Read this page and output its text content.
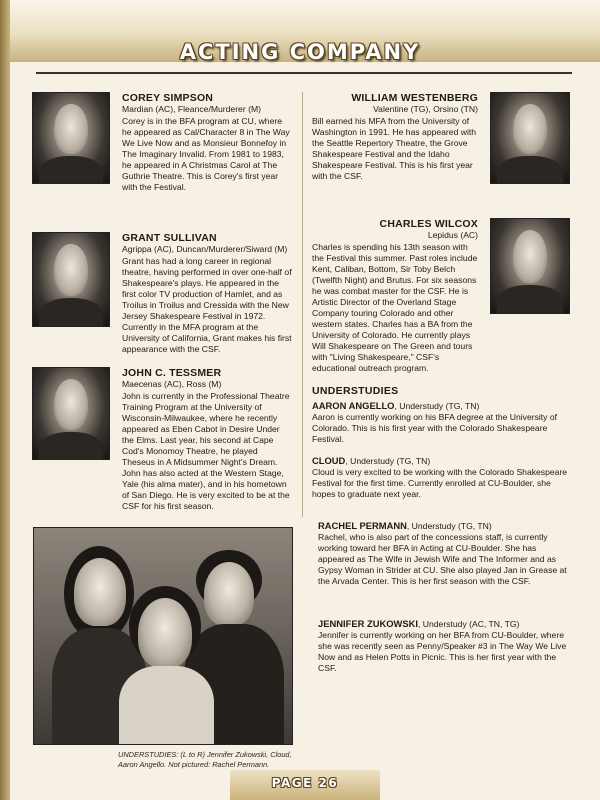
ACTING COMPANY
COREY SIMPSON
Mardian (AC), Fleance/Murderer (M)
Corey is in the BFA program at CU, where he appeared as Cal/Character 8 in The Way We Live Now and as Monsieur Bonnefoy in The Imaginary Invalid. From 1981 to 1983, he appeared in A Christmas Carol at The Guthrie Theatre. This is Corey's first year with the Festival.
GRANT SULLIVAN
Agrippa (AC), Duncan/Murderer/Siward (M)
Grant has had a long career in regional theatre, having performed in over one-half of Shakespeare's plays. He appeared in the first color TV production of Hamlet, and as Troilus in Troilus and Cressida with the New Jersey Shakespeare Festival in 1972. Currently in the MFA program at the University of California, Grant makes his first appearance with the CSF.
JOHN C. TESSMER
Maecenas (AC), Ross (M)
John is currently in the Professional Theatre Training Program at the University of Wisconsin-Milwaukee, where he recently appeared as Eben Cabot in Desire Under the Elms. Last year, his second at Cape Cod's Monomoy Theatre, he played Theseus in A Midsummer Night's Dream. John has also acted at the Western Stage, Yale (his alma mater), and in his hometown of San Diego. He is very excited to be at the CSF for his first season.
WILLIAM WESTENBERG
Valentine (TG), Orsino (TN)
Bill earned his MFA from the University of Washington in 1991. He has appeared with the Seattle Repertory Theatre, the Grove Shakespeare Festival and the Idaho Shakespeare Festival. This is his first year with the CSF.
CHARLES WILCOX
Lepidus (AC)
Charles is spending his 13th season with the Festival this summer. Past roles include Kent, Caliban, Bottom, Sir Toby Belch (Twelfth Night) and Brutus. For six seasons he was combat master for the CSF. He is Artistic Director of the Overland Stage Company touring Colorado and other western states. Charles has a BA from the University of Colorado. He currently plays Will Shakespeare on The Green and tours with "Living Shakespeare," CSF's educational outreach program.
UNDERSTUDIES
AARON ANGELLO, Understudy (TG, TN)
Aaron is currently working on his BFA degree at the University of Colorado. This is his first year with the Colorado Shakespeare Festival.
CLOUD, Understudy (TG, TN)
Cloud is very excited to be working with the Colorado Shakespeare Festival for the first time. Currently enrolled at CU-Boulder, she hopes to graduate next year.
RACHEL PERMANN, Understudy (TG, TN)
Rachel, who is also part of the concessions staff, is currently working toward her BFA in Acting at CU-Boulder. She has appeared as The Wife in Jewish Wife and The Informer and as Gypsy Woman in Strider at CU. She also played Jan in Grease at the Arvada Center. This is her first season with the CSF.
JENNIFER ZUKOWSKI, Understudy (AC, TN, TG)
Jennifer is currently working on her BFA from CU-Boulder, where she was recently seen as Penny/Speaker #3 in The Way We Live Now and as Helen Potts in Picnic. This is her first year with the CSF.
UNDERSTUDIES: (L to R) Jennifer Zukowski, Cloud, Aaron Angello. Not pictured: Rachel Permann.
PAGE 26
